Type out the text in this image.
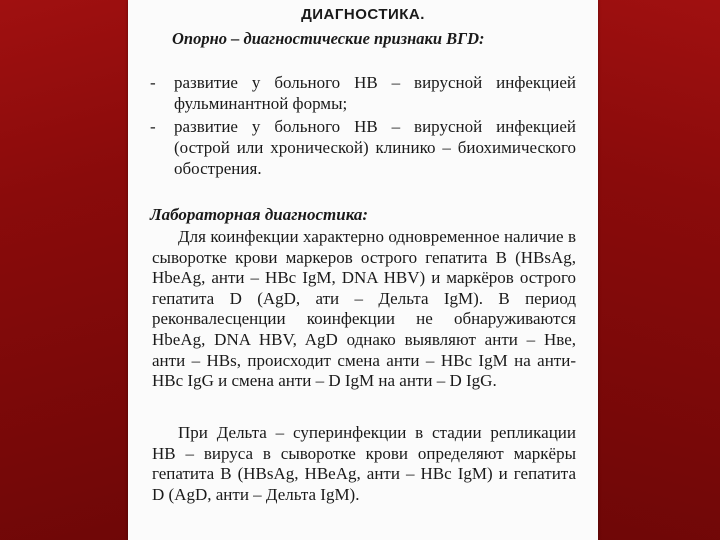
ДИАГНОСТИКА.
Опорно – диагностические признаки ВГD:
- развитие у больного НВ – вирусной инфекцией фульминантной формы;
- развитие у больного НВ – вирусной инфекцией (острой или хронической) клинико – биохимического обострения.
Лабораторная диагностика:

Для коинфекции характерно одновременное наличие в сыворотке крови маркеров острого гепатита В (HBsAg, HbeAg, анти – НВс IgM, DNA HBV) и маркёров острого гепатита D (AgD, ати – Дельта IgM). В период реконвалесценции коинфекции не обнаруживаются HbeAg, DNA HBV, AgD однако выявляют анти – Нве, анти – HBs, происходит смена анти – НВс IgM на анти-НВс IgG и смена анти – D IgM на анти – D IgG.

При Дельта – суперинфекции в стадии репликации НВ – вируса в сыворотке крови определяют маркёры гепатита В (HBsAg, HBeAg, анти – НВс IgM) и гепатита D (AgD, анти – Дельта IgM).
